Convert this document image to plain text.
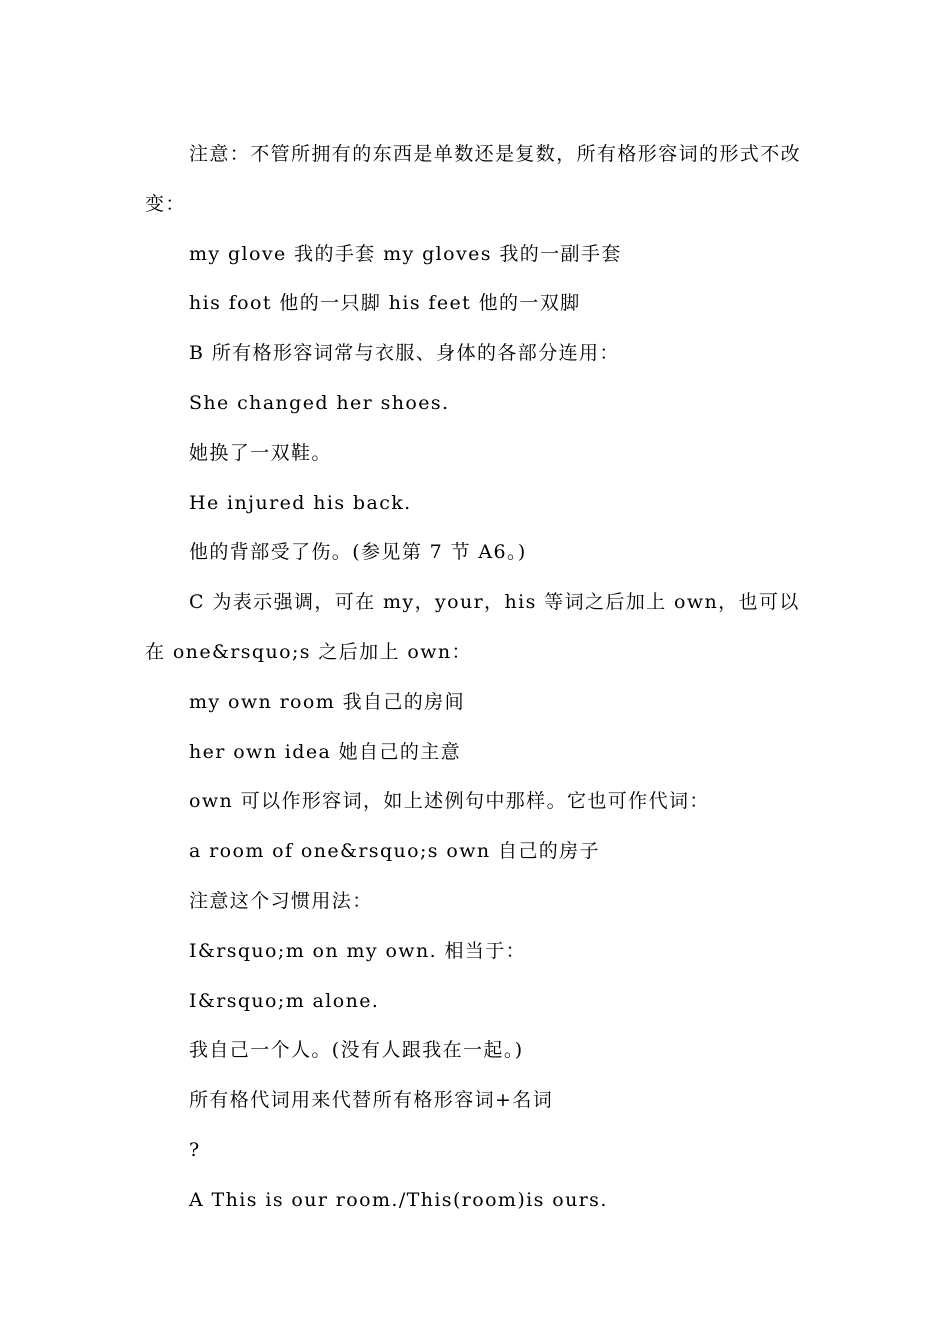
注意：不管所拥有的东西是单数还是复数，所有格形容词的形式不改变：

my glove 我的手套 my gloves 我的一副手套

his foot 他的一只脚 his feet 他的一双脚

B 所有格形容词常与衣服、身体的各部分连用：

She changed her shoes.

她换了一双鞋。

He injured his back.

他的背部受了伤。(参见第 7 节 A6。)

C 为表示强调，可在 my，your，his 等词之后加上 own，也可以在 one&rsquo;s 之后加上 own：

my own room 我自己的房间

her own idea 她自己的主意

own 可以作形容词，如上述例句中那样。它也可作代词：

a room of one&rsquo;s own 自己的房子

注意这个习惯用法：

I&rsquo;m on my own. 相当于：

I&rsquo;m alone.

我自己一个人。(没有人跟我在一起。)

所有格代词用来代替所有格形容词+名词

?

A This is our room./This(room)is ours.
